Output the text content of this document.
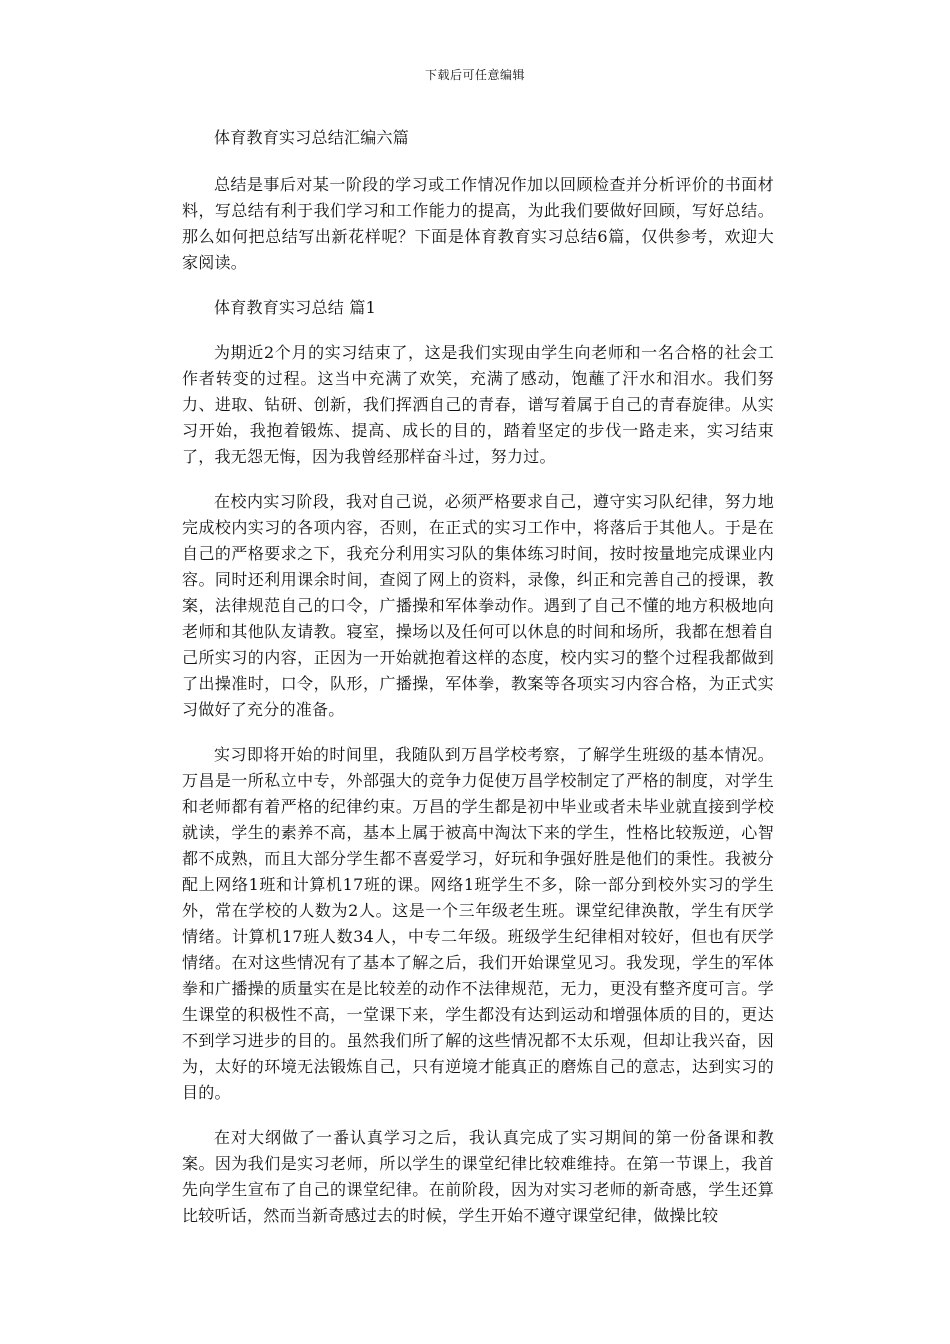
下载后可任意编辑

体育教育实习总结汇编六篇

总结是事后对某一阶段的学习或工作情况作加以回顾检查并分析评价的书面材料，写总结有利于我们学习和工作能力的提高，为此我们要做好回顾，写好总结。那么如何把总结写出新花样呢？下面是体育教育实习总结6篇，仅供参考，欢迎大家阅读。

体育教育实习总结 篇1

为期近2个月的实习结束了，这是我们实现由学生向老师和一名合格的社会工作者转变的过程。这当中充满了欢笑，充满了感动，饱蘸了汗水和泪水。我们努力、进取、钻研、创新，我们挥洒自己的青春，谱写着属于自己的青春旋律。从实习开始，我抱着锻炼、提高、成长的目的，踏着坚定的步伐一路走来，实习结束了，我无怨无悔，因为我曾经那样奋斗过，努力过。

在校内实习阶段，我对自己说，必须严格要求自己，遵守实习队纪律，努力地完成校内实习的各项内容，否则，在正式的实习工作中，将落后于其他人。于是在自己的严格要求之下，我充分利用实习队的集体练习时间，按时按量地完成课业内容。同时还利用课余时间，查阅了网上的资料，录像，纠正和完善自己的授课，教案，法律规范自己的口令，广播操和军体拳动作。遇到了自己不懂的地方积极地向老师和其他队友请教。寝室，操场以及任何可以休息的时间和场所，我都在想着自己所实习的内容，正因为一开始就抱着这样的态度，校内实习的整个过程我都做到了出操准时，口令，队形，广播操，军体拳，教案等各项实习内容合格，为正式实习做好了充分的准备。

实习即将开始的时间里，我随队到万昌学校考察，了解学生班级的基本情况。万昌是一所私立中专，外部强大的竞争力促使万昌学校制定了严格的制度，对学生和老师都有着严格的纪律约束。万昌的学生都是初中毕业或者未毕业就直接到学校就读，学生的素养不高，基本上属于被高中淘汰下来的学生，性格比较叛逆，心智都不成熟，而且大部分学生都不喜爱学习，好玩和争强好胜是他们的秉性。我被分配上网络1班和计算机17班的课。网络1班学生不多，除一部分到校外实习的学生外，常在学校的人数为2人。这是一个三年级老生班。课堂纪律涣散，学生有厌学情绪。计算机17班人数34人，中专二年级。班级学生纪律相对较好，但也有厌学情绪。在对这些情况有了基本了解之后，我们开始课堂见习。我发现，学生的军体拳和广播操的质量实在是比较差的动作不法律规范，无力，更没有整齐度可言。学生课堂的积极性不高，一堂课下来，学生都没有达到运动和增强体质的目的，更达不到学习进步的目的。虽然我们所了解的这些情况都不太乐观，但却让我兴奋，因为，太好的环境无法锻炼自己，只有逆境才能真正的磨炼自己的意志，达到实习的目的。

在对大纲做了一番认真学习之后，我认真完成了实习期间的第一份备课和教案。因为我们是实习老师，所以学生的课堂纪律比较难维持。在第一节课上，我首先向学生宣布了自己的课堂纪律。在前阶段，因为对实习老师的新奇感，学生还算比较听话，然而当新奇感过去的时候，学生开始不遵守课堂纪律，做操比较
